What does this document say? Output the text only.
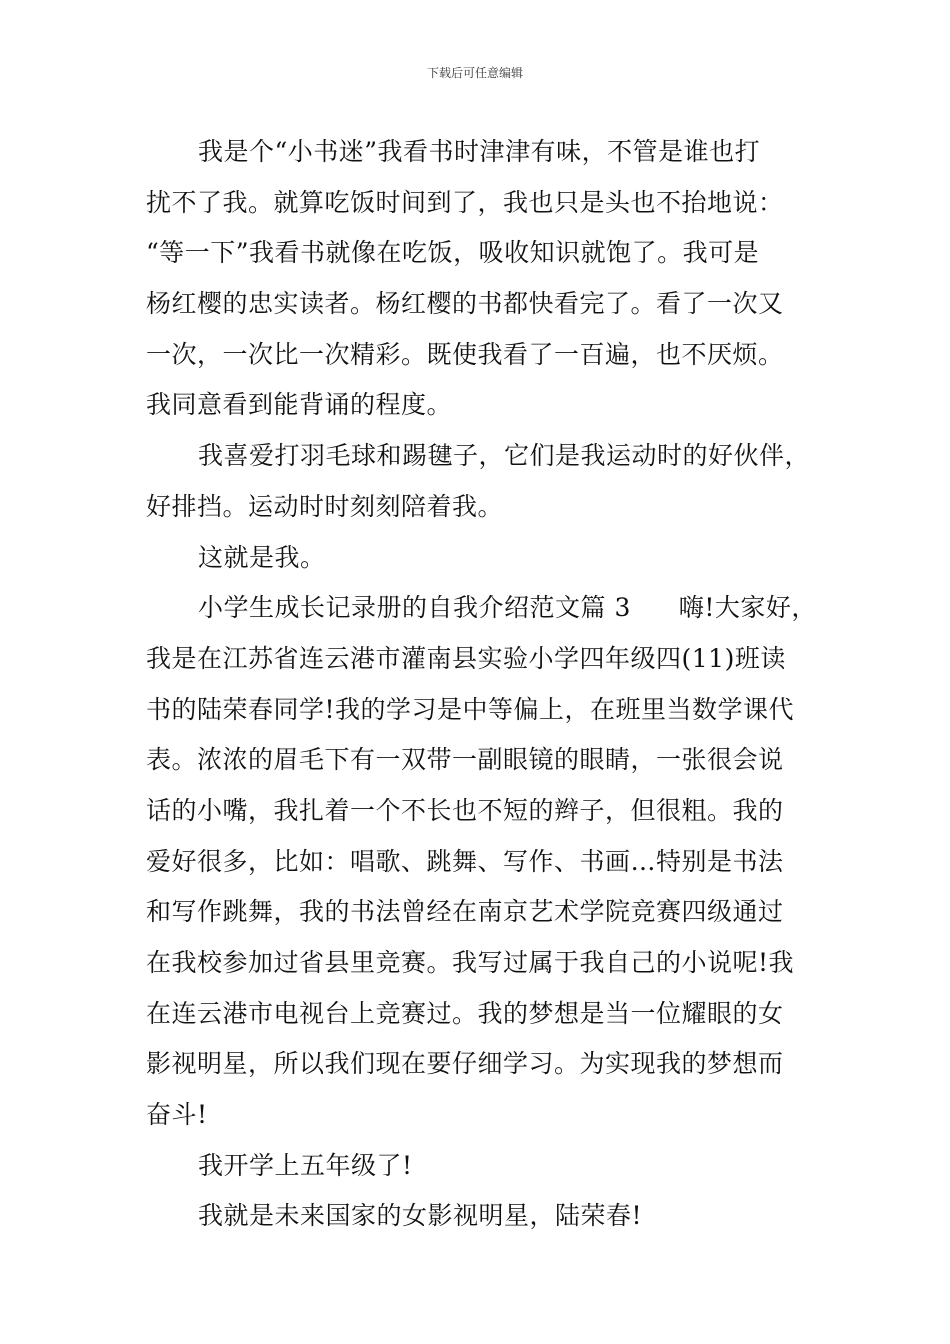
下载后可任意编辑
我是个“小书迷”我看书时津津有味，不管是谁也打
扰不了我。就算吃饭时间到了，我也只是头也不抬地说：
“等一下”我看书就像在吃饭，吸收知识就饱了。我可是
杨红樱的忠实读者。杨红樱的书都快看完了。看了一次又
一次，一次比一次精彩。既使我看了一百遍，也不厌烦。
我同意看到能背诵的程度。
我喜爱打羽毛球和踢毽子，它们是我运动时的好伙伴，
好排挡。运动时时刻刻陪着我。
这就是我。
小学生成长记录册的自我介绍范文篇 3 嗨!大家好，
我是在江苏省连云港市灌南县实验小学四年级四(11)班读
书的陆荣春同学!我的学习是中等偏上，在班里当数学课代
表。浓浓的眉毛下有一双带一副眼镜的眼睛，一张很会说
话的小嘴，我扎着一个不长也不短的辫子，但很粗。我的
爱好很多，比如：唱歌、跳舞、写作、书画…特别是书法
和写作跳舞，我的书法曾经在南京艺术学院竞赛四级通过
在我校参加过省县里竞赛。我写过属于我自己的小说呢!我
在连云港市电视台上竞赛过。我的梦想是当一位耀眼的女
影视明星，所以我们现在要仔细学习。为实现我的梦想而
奋斗!
我开学上五年级了!
我就是未来国家的女影视明星，陆荣春!
